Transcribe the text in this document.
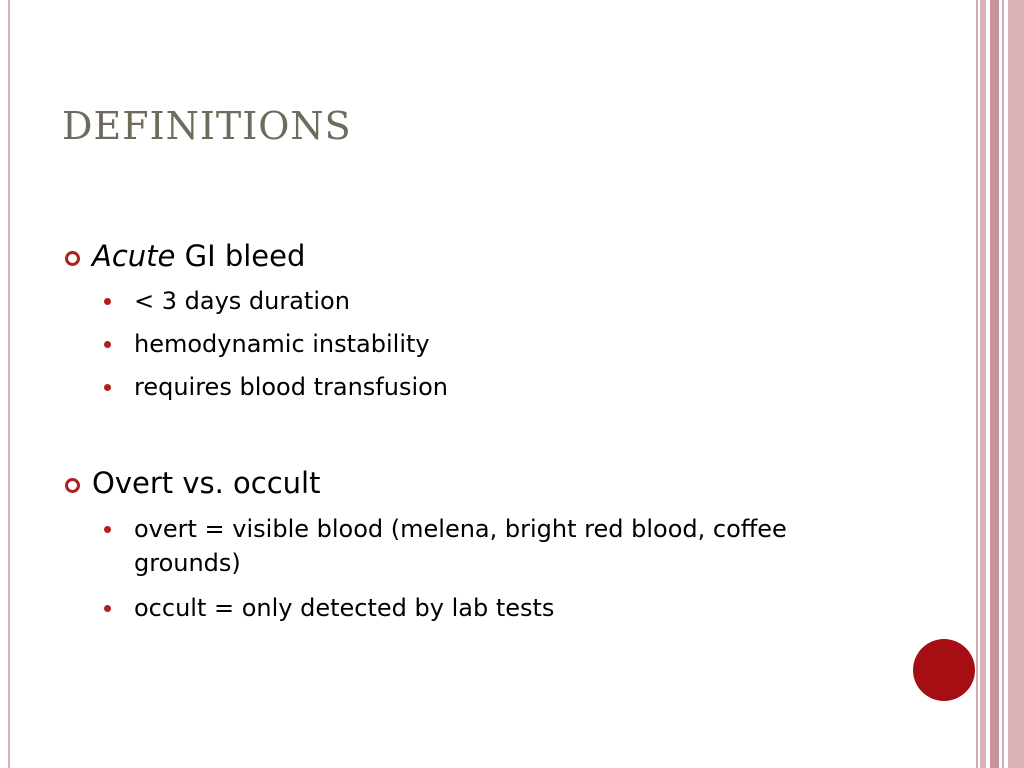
DEFINITIONS
Acute GI bleed
< 3 days duration
hemodynamic instability
requires blood transfusion
Overt vs. occult
overt = visible blood (melena, bright red blood, coffee grounds)
occult = only detected by lab tests
